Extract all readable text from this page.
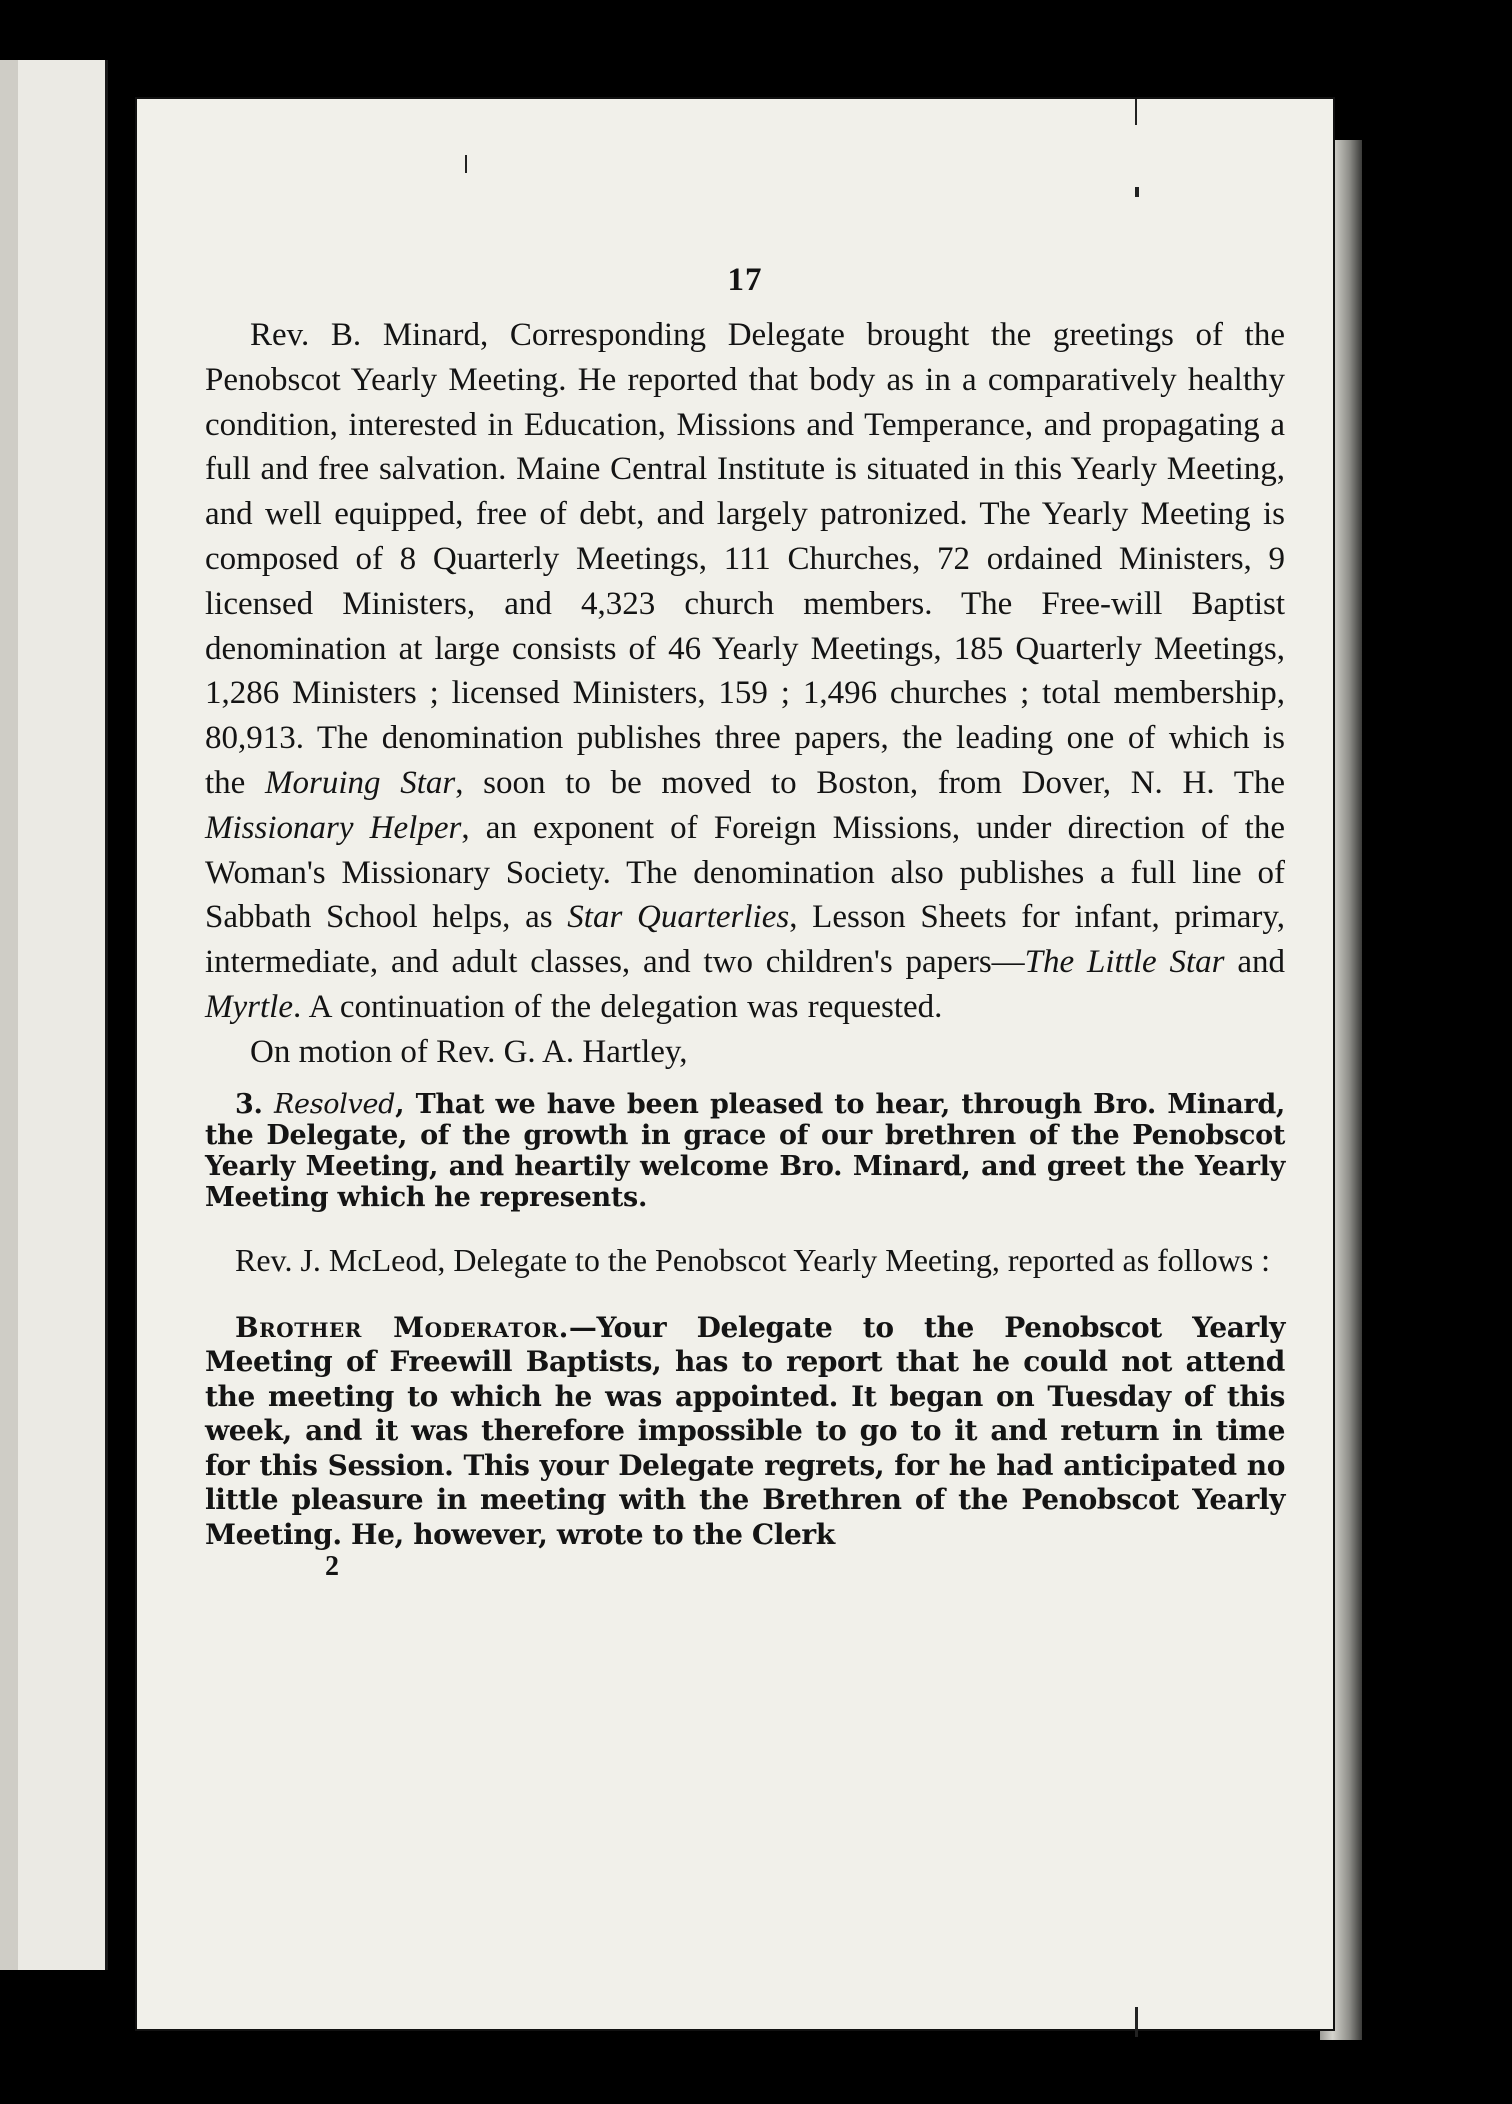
17

Rev. B. Minard, Corresponding Delegate brought the greetings of the Penobscot Yearly Meeting. He reported that body as in a comparatively healthy condition, interested in Education, Missions and Temperance, and propagating a full and free salvation. Maine Central Institute is situated in this Yearly Meeting, and well equipped, free of debt, and largely patronized. The Yearly Meeting is composed of 8 Quarterly Meetings, 111 Churches, 72 ordained Ministers, 9 licensed Ministers, and 4,323 church members. The Free-will Baptist denomination at large consists of 46 Yearly Meetings, 185 Quarterly Meetings, 1,286 Ministers ; licensed Ministers, 159 ; 1,496 churches ; total membership, 80,913. The denomination publishes three papers, the leading one of which is the Moruing Star, soon to be moved to Boston, from Dover, N. H. The Missionary Helper, an exponent of Foreign Missions, under direction of the Woman's Missionary Society. The denomination also publishes a full line of Sabbath School helps, as Star Quarterlies, Lesson Sheets for infant, primary, intermediate, and adult classes, and two children's papers—The Little Star and Myrtle. A continuation of the delegation was requested.

On motion of Rev. G. A. Hartley,

3. Resolved, That we have been pleased to hear, through Bro. Minard, the Delegate, of the growth in grace of our brethren of the Penobscot Yearly Meeting, and heartily welcome Bro. Minard, and greet the Yearly Meeting which he represents.

Rev. J. McLeod, Delegate to the Penobscot Yearly Meeting, reported as follows :

Brother Moderator.—Your Delegate to the Penobscot Yearly Meeting of Freewill Baptists, has to report that he could not attend the meeting to which he was appointed. It began on Tuesday of this week, and it was therefore impossible to go to it and return in time for this Session. This your Delegate regrets, for he had anticipated no little pleasure in meeting with the Brethren of the Penobscot Yearly Meeting. He, however, wrote to the Clerk

2
